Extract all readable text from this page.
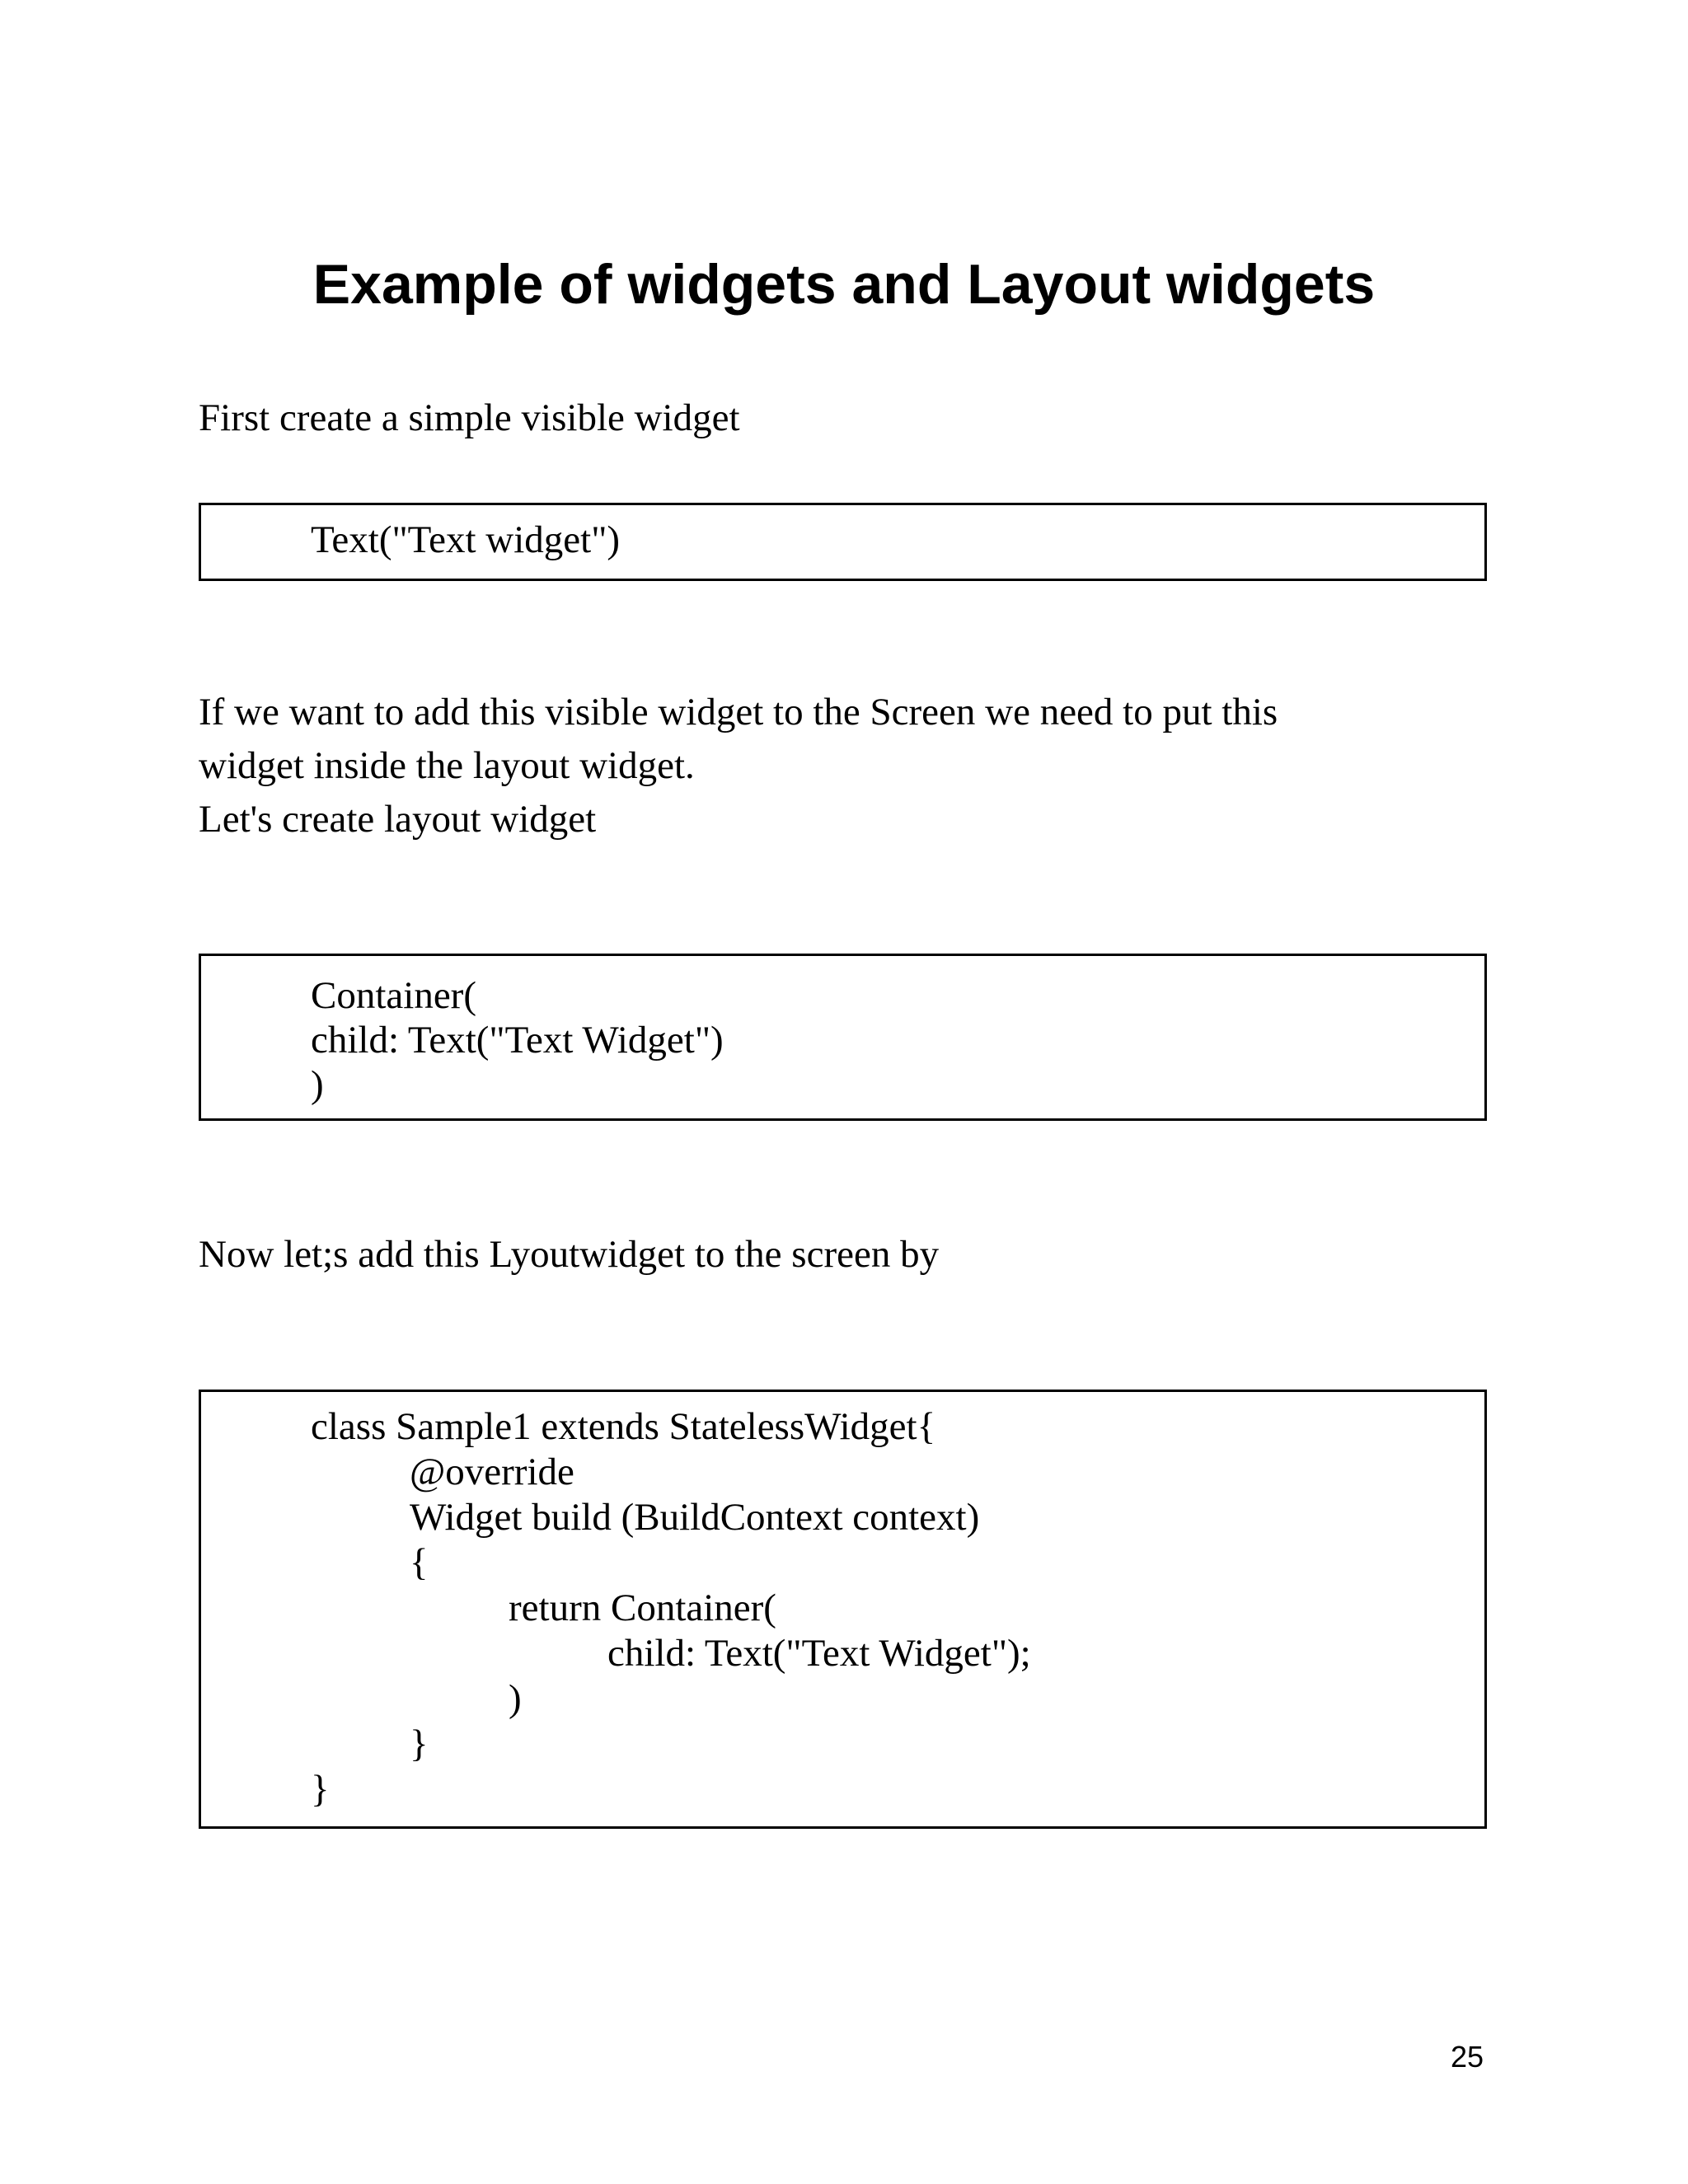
Example of widgets and Layout widgets

First create a simple visible widget

Text("Text widget")

If we want to add this visible widget to the Screen we need to put this

widget inside the layout widget.

Let's create layout widget

Container(
child: Text("Text Widget")
)

Now let;s add this Lyoutwidget to the screen by

class Sample1 extends StatelessWidget{
@override
Widget build (BuildContext context)
{
return Container(
child: Text("Text Widget");
)
}
}
25
